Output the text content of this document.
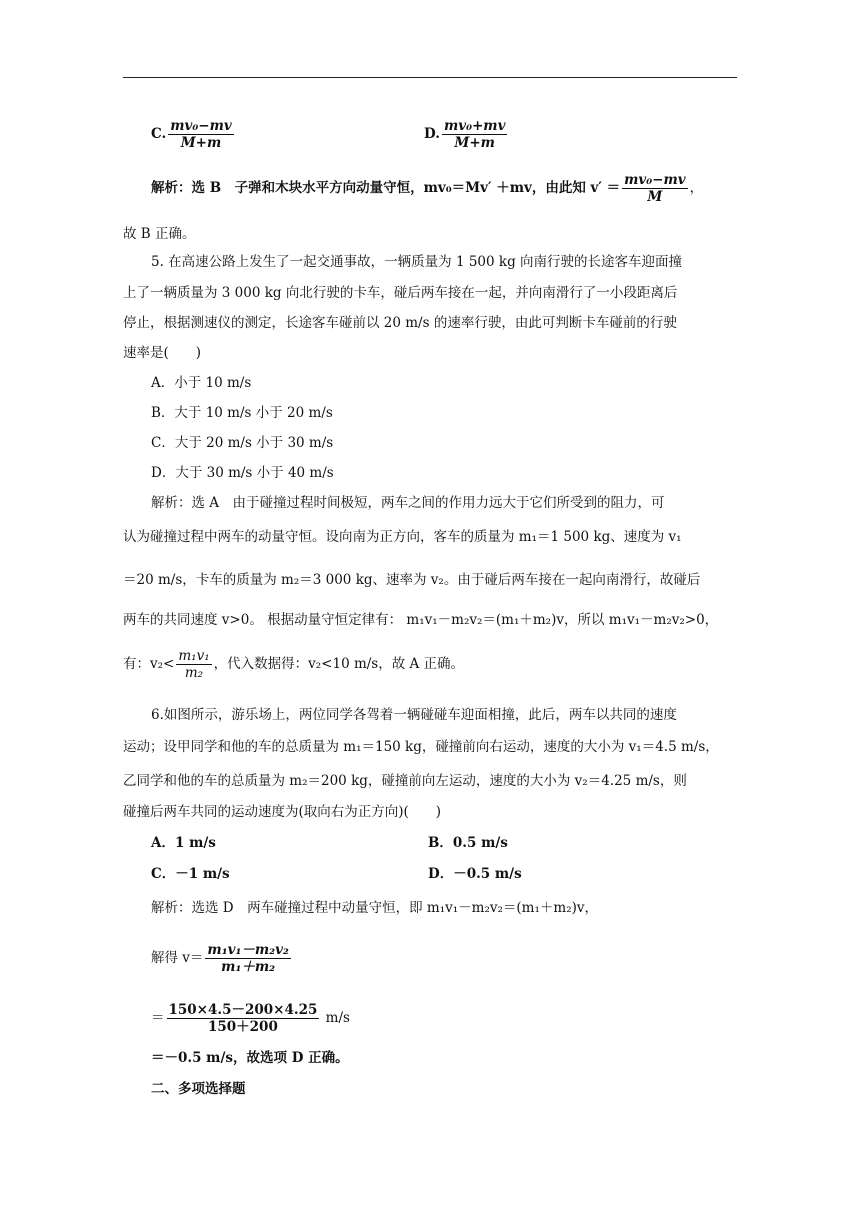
C. $\frac{\text{mv₀−mv}}{M+m}$	D. $\frac{\text{mv₀+mv}}{M+m}$
解析：选 B　子弹和木块水平方向动量守恒，mv₀＝Mv′ ＋mv，由此知 $v' = \frac{\text{mv₀−mv}}{M}$ ，
故 B 正确。
5. 在高速公路上发生了一起交通事故，一辆质量为 1 500 kg 向南行驶的长途客车迎面撞
上了一辆质量为 3 000 kg 向北行驶的卡车，碰后两车接在一起，并向南滑行了一小段距离后
停止，根据测速仪的测定，长途客车碰前以 20 m/s 的速率行驶，由此可判断卡车碰前的行驶
速率是(　　)
A．小于 10 m/s
B．大于 10 m/s 小于 20 m/s
C．大于 20 m/s 小于 30 m/s
D．大于 30 m/s 小于 40 m/s
解析：选 A　由于碰撞过程时间极短，两车之间的作用力远大于它们所受到的阻力，可
认为碰撞过程中两车的动量守恒。设向南为正方向，客车的质量为 m₁＝1 500 kg、速度为 v₁
＝20 m/s，卡车的质量为 m₂＝3 000 kg、速率为 v₂。由于碰后两车接在一起向南滑行，故碰后
两车的共同速度 v>0。 根据动量守恒定律有： m₁v₁－m₂v₂＝(m₁＋m₂)v，所以 m₁v₁－m₂v₂>0，
有：$v_2< \frac{\text{m₁v₁}}{\text{m₂}}$ ，代入数据得：v₂<10 m/s，故 A 正确。
6.如图所示，游乐场上，两位同学各驾着一辆碰碰车迎面相撞，此后，两车以共同的速度
运动；设甲同学和他的车的总质量为 m₁＝150 kg，碰撞前向右运动，速度的大小为 v₁＝4.5 m/s，
乙同学和他的车的总质量为 m₂＝200 kg，碰撞前向左运动，速度的大小为 v₂＝4.25 m/s，则
碰撞后两车共同的运动速度为(取向右为正方向)(　　)
A．1 m/s	B．0.5 m/s
C．－1 m/s	D．－0.5 m/s
解析：选选 D　两车碰撞过程中动量守恒，即 m₁v₁－m₂v₂＝(m₁＋m₂)v，
解得 $v= \frac{\text{m₁v₁－m₂v₂}}{\text{m₁＋m₂}}$
＝ $\frac{150\times 4.5-200\times 4.25}{150+200} m/s$
＝－0.5 m/s，故选项 D 正确。
二、多项选择题
